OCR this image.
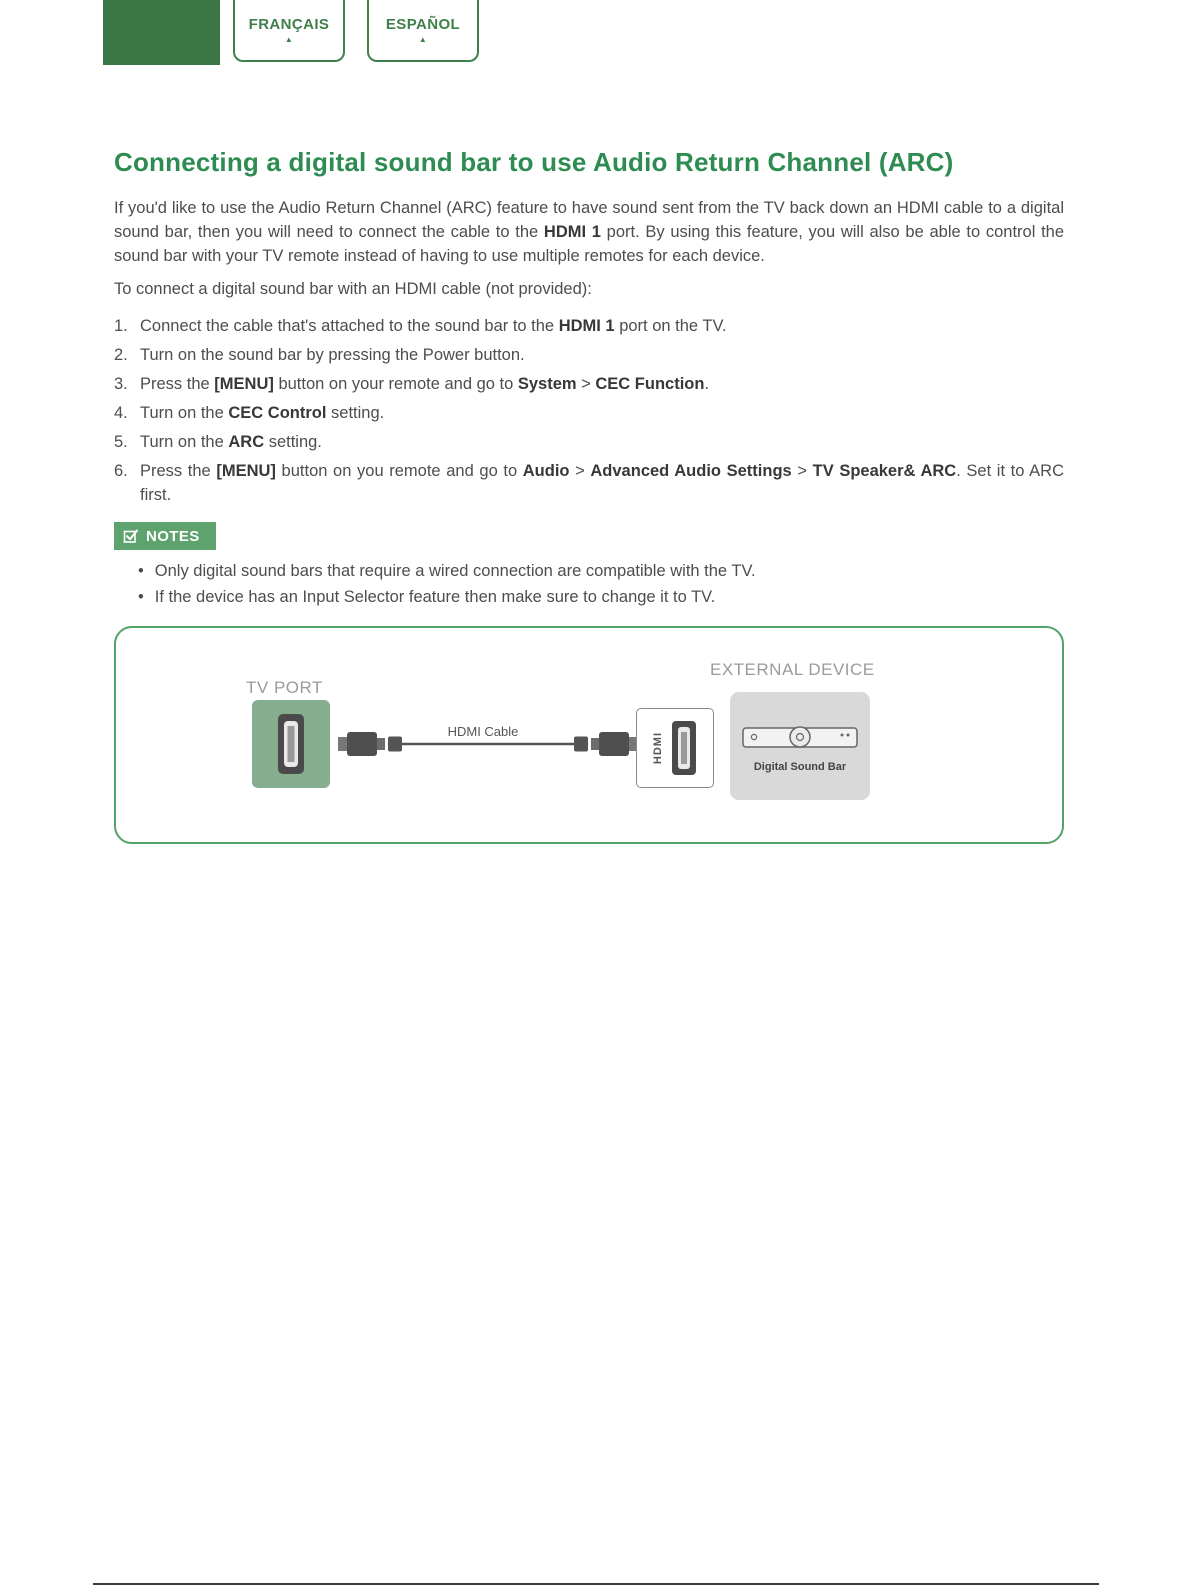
FRANÇAIS
▲
ESPAÑOL
▲
Connecting a digital sound bar to use Audio Return Channel (ARC)

If you'd like to use the Audio Return Channel (ARC) feature to have sound sent from the TV back down an HDMI cable to a digital sound bar, then you will need to connect the cable to the HDMI 1 port. By using this feature, you will also be able to control the sound bar with your TV remote instead of having to use multiple remotes for each device.

To connect a digital sound bar with an HDMI cable (not provided):

1. Connect the cable that's attached to the sound bar to the HDMI 1 port on the TV.
2. Turn on the sound bar by pressing the Power button.
3. Press the [MENU] button on your remote and go to System > CEC Function.
4. Turn on the CEC Control setting.
5. Turn on the ARC setting.
6. Press the [MENU] button on you remote and go to Audio > Advanced Audio Settings > TV Speaker& ARC. Set it to ARC first.
NOTES
• Only digital sound bars that require a wired connection are compatible with the TV.
• If the device has an Input Selector feature then make sure to change it to TV.
TV PORT
EXTERNAL DEVICE
HDMI Cable
HDMI
Digital Sound Bar
